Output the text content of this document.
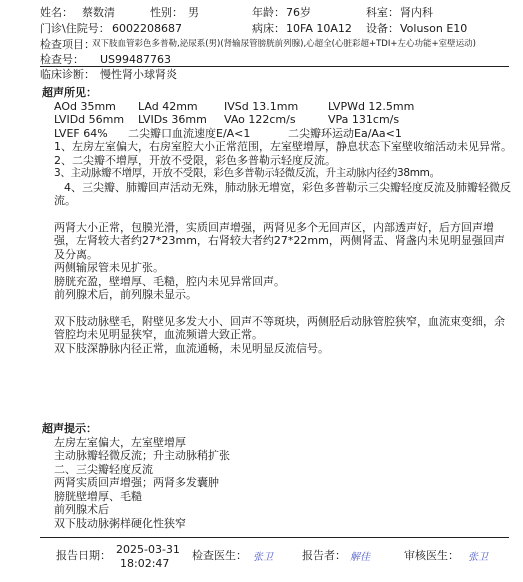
姓名： 蔡数清	性别： 男	年龄： 76岁	科室： 肾内科
门诊\住院号： 6002208687	病床： 10FA 10A12 设备： Voluson E10
检查项目：
双下肢血管彩色多普勒,泌尿系(男)(肾输尿管膀胱前列腺),心超全(心脏彩超+TDI+左心功能+室壁运动)
检查号： US99487763
临床诊断： 慢性肾小球肾炎
超声所见：
AOd 35mm	LAd 42mm	IVSd 13.1mm	LVPWd 12.5mm
LVIDd 56mm	LVIDs 36mm	VAo 122cm/s	VPa 131cm/s
LVEF 64%	二尖瓣口血流速度E/A<1	二尖瓣环运动Ea/Aa<1
1、左房左室偏大，右房室腔大小正常范围，左室壁增厚，静息状态下室壁收缩活动未见异常。
2、二尖瓣不增厚，开放不受限，彩色多普勒示轻度反流。
3、主动脉瓣不增厚，开放不受限，彩色多普勒示轻微反流，升主动脉内径约38mm。
4、三尖瓣、肺瓣回声活动无殊，肺动脉无增宽，彩色多普勒示三尖瓣轻度反流及肺瓣轻微反流。
两肾大小正常，包膜光滑，实质回声增强，两肾见多个无回声区，内部透声好，后方回声增强，左肾较大者约27*23mm，右肾较大者约27*22mm，两侧肾盂、肾盏内未见明显强回声及分离。
两侧输尿管未见扩张。
膀胱充盈，壁增厚、毛糙，腔内未见异常回声。
前列腺术后，前列腺未显示。
双下肢动脉壁毛，附壁见多发大小、回声不等斑块，两侧胫后动脉管腔狭窄，血流束变细，余管腔均未见明显狭窄，血流频谱大致正常。
双下肢深静脉内径正常，血流通畅，未见明显反流信号。
超声提示：
左房左室偏大，左室壁增厚
主动脉瓣轻微反流；升主动脉稍扩张
二、三尖瓣轻度反流
两肾实质回声增强；两肾多发囊肿
膀胱壁增厚、毛糙
前列腺术后
双下肢动脉粥样硬化性狭窄
报告日期： 2025-03-31
18:02:47
检查医生： 张卫	报告者： 解佳	审核医生： 张卫
